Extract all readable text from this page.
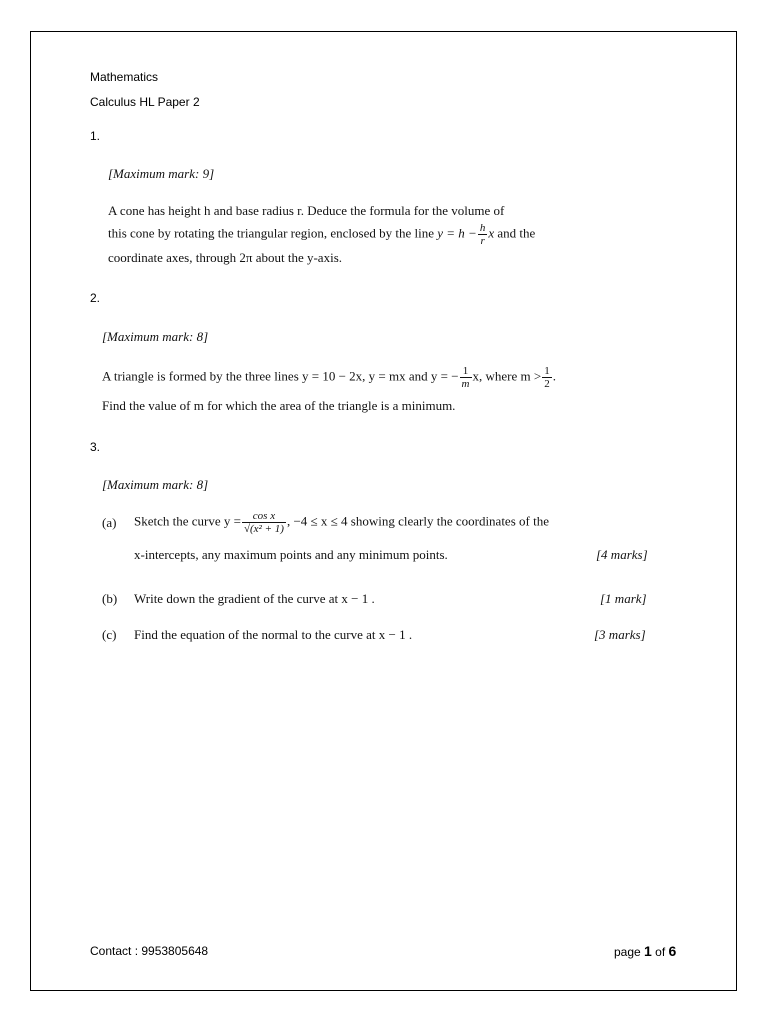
Mathematics
Calculus HL Paper 2
1.
[Maximum mark: 9]
A cone has height h and base radius r. Deduce the formula for the volume of
this cone by rotating the triangular region, enclosed by the line $y = h - \frac{h}{r}$ x and the
coordinate axes, through 2π about the y-axis.
2.
[Maximum mark: 8]
A triangle is formed by the three lines y = 10 − 2x, y = mx and y = − $\frac{1}{m} x$, where $m > \frac{1}{2}$ .
Find the value of m for which the area of the triangle is a minimum.
3.
[Maximum mark: 8]
(a) Sketch the curve $y = \frac{\text{cos x}}{\text{√(x² + 1)}}$ , −4 ≤ x ≤ 4 showing clearly the coordinates of the
x-intercepts, any maximum points and any minimum points.	[4 marks]
(b) Write down the gradient of the curve at x − 1 .	[1 mark]
(c) Find the equation of the normal to the curve at x − 1 .	[3 marks]
Contact : 9953805648	page 1 of 6
